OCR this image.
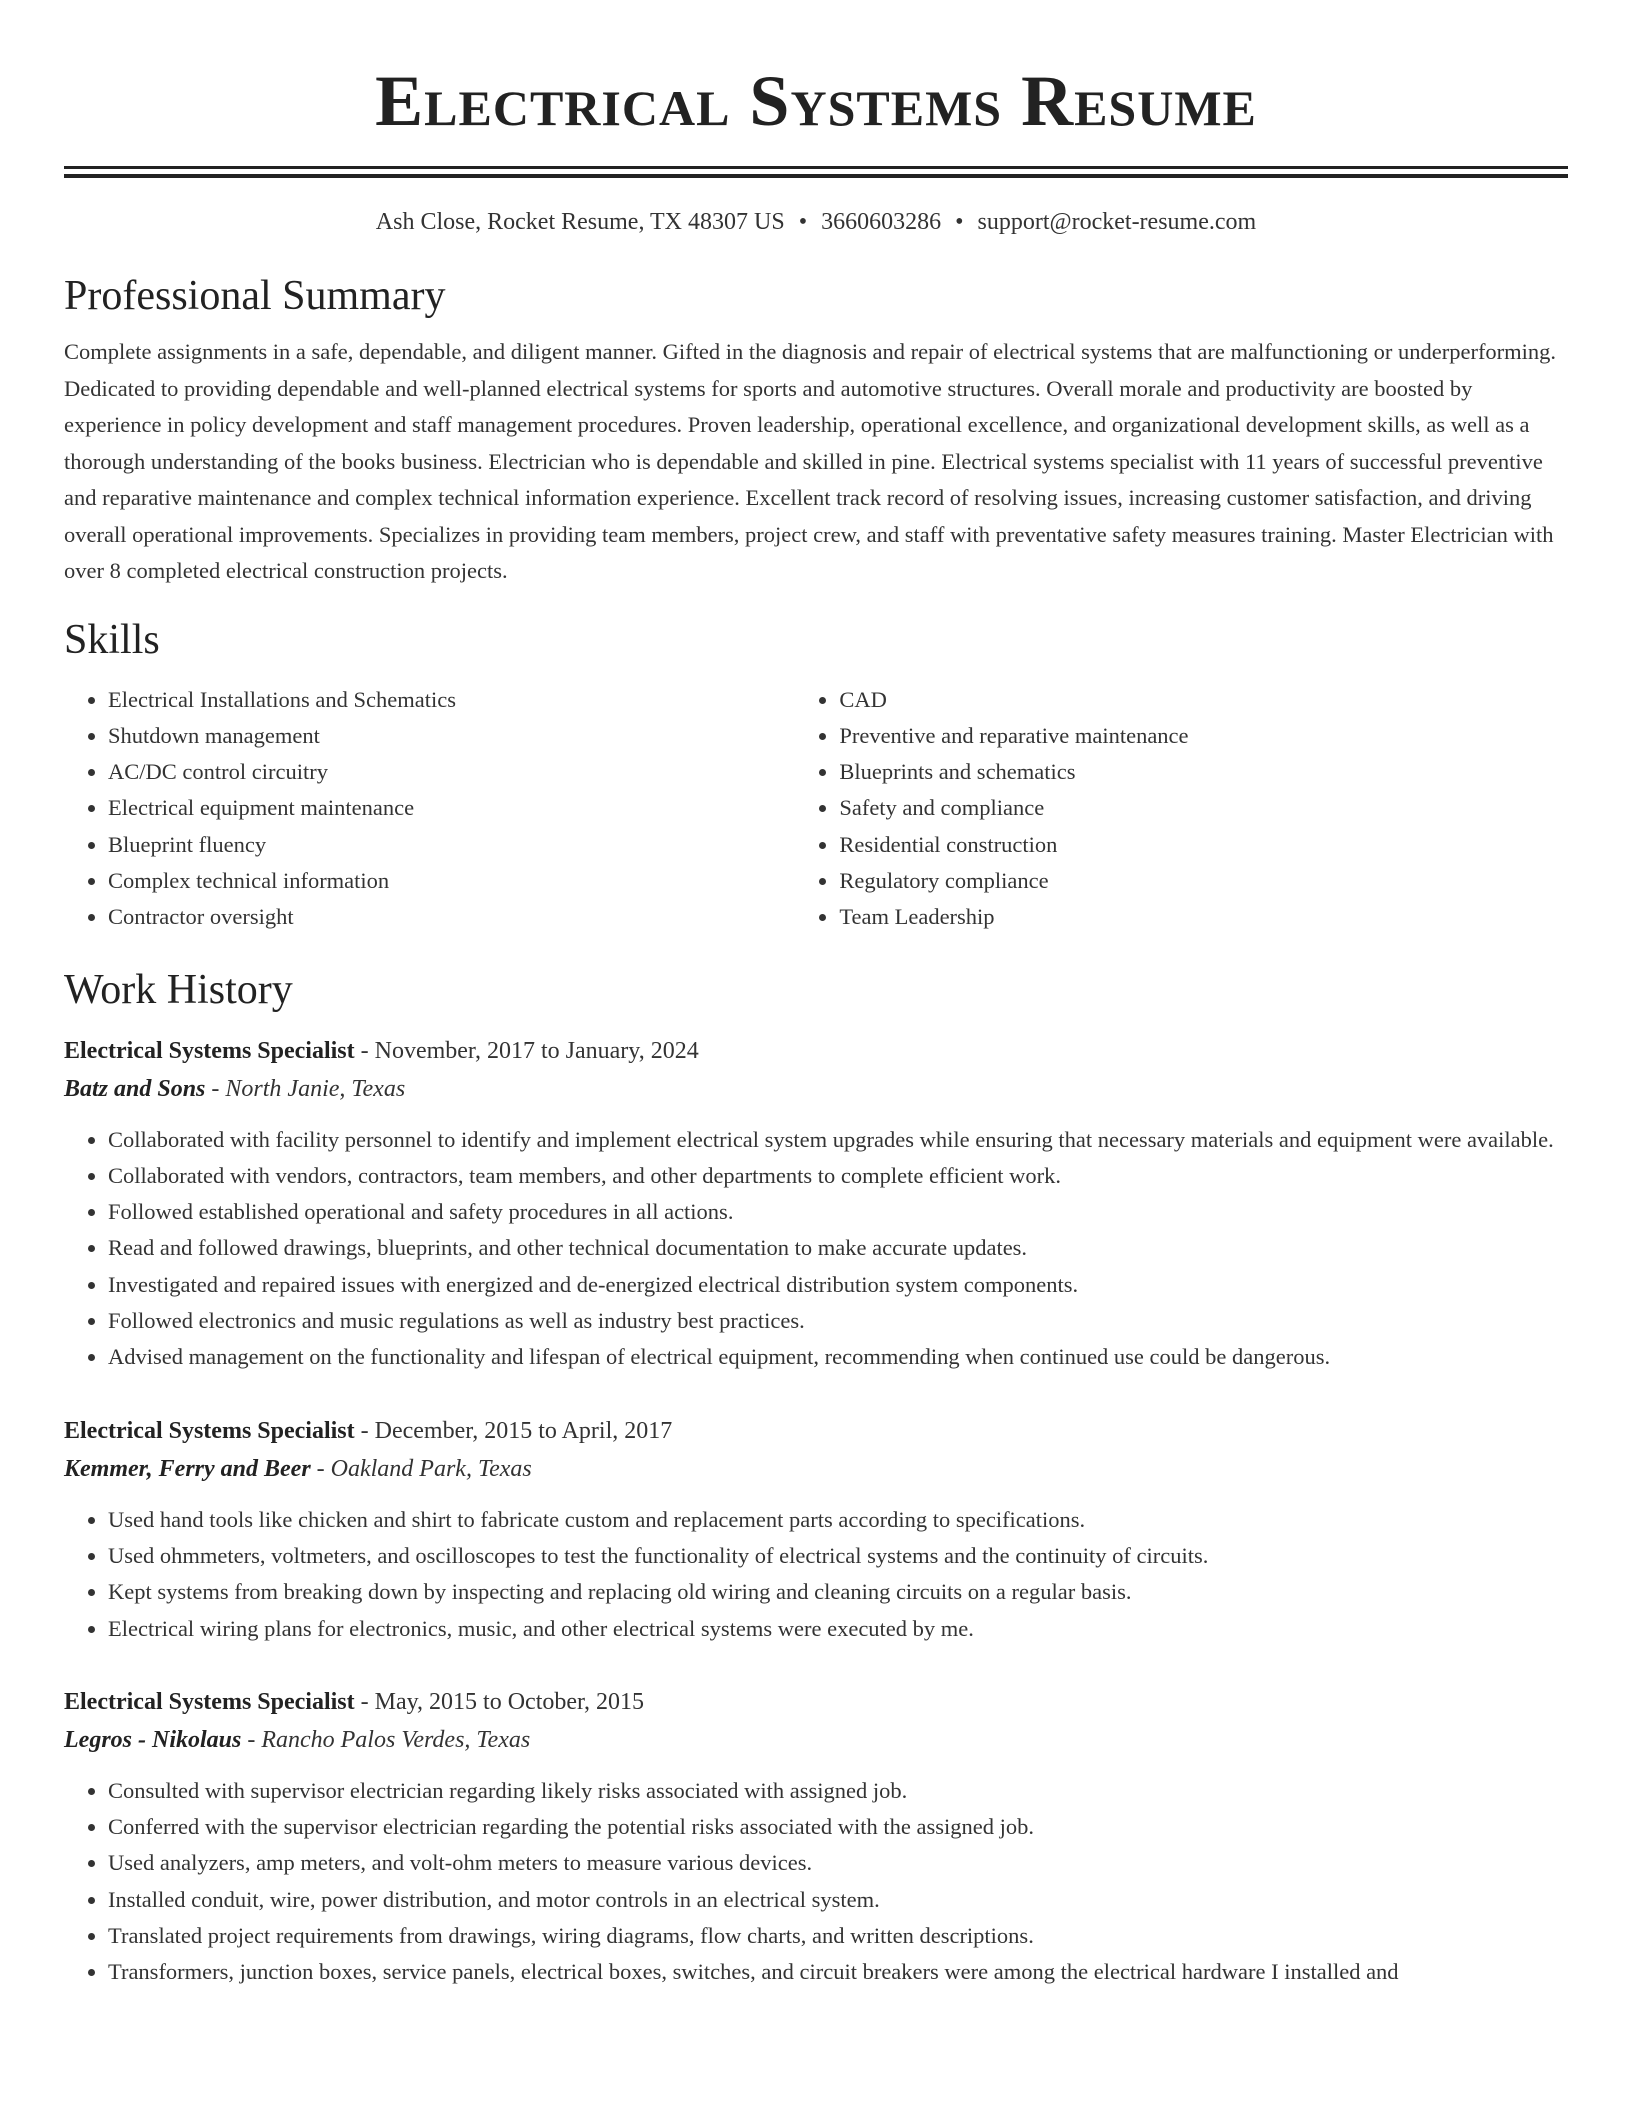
Electrical Systems Resume
Ash Close, Rocket Resume, TX 48307 US • 3660603286 • support@rocket-resume.com
Professional Summary
Complete assignments in a safe, dependable, and diligent manner. Gifted in the diagnosis and repair of electrical systems that are malfunctioning or underperforming. Dedicated to providing dependable and well-planned electrical systems for sports and automotive structures. Overall morale and productivity are boosted by experience in policy development and staff management procedures. Proven leadership, operational excellence, and organizational development skills, as well as a thorough understanding of the books business. Electrician who is dependable and skilled in pine. Electrical systems specialist with 11 years of successful preventive and reparative maintenance and complex technical information experience. Excellent track record of resolving issues, increasing customer satisfaction, and driving overall operational improvements. Specializes in providing team members, project crew, and staff with preventative safety measures training. Master Electrician with over 8 completed electrical construction projects.
Skills
• Electrical Installations and Schematics
• Shutdown management
• AC/DC control circuitry
• Electrical equipment maintenance
• Blueprint fluency
• Complex technical information
• Contractor oversight
• CAD
• Preventive and reparative maintenance
• Blueprints and schematics
• Safety and compliance
• Residential construction
• Regulatory compliance
• Team Leadership
Work History
Electrical Systems Specialist - November, 2017 to January, 2024
Batz and Sons - North Janie, Texas
• Collaborated with facility personnel to identify and implement electrical system upgrades while ensuring that necessary materials and equipment were available.
• Collaborated with vendors, contractors, team members, and other departments to complete efficient work.
• Followed established operational and safety procedures in all actions.
• Read and followed drawings, blueprints, and other technical documentation to make accurate updates.
• Investigated and repaired issues with energized and de-energized electrical distribution system components.
• Followed electronics and music regulations as well as industry best practices.
• Advised management on the functionality and lifespan of electrical equipment, recommending when continued use could be dangerous.
Electrical Systems Specialist - December, 2015 to April, 2017
Kemmer, Ferry and Beer - Oakland Park, Texas
• Used hand tools like chicken and shirt to fabricate custom and replacement parts according to specifications.
• Used ohmmeters, voltmeters, and oscilloscopes to test the functionality of electrical systems and the continuity of circuits.
• Kept systems from breaking down by inspecting and replacing old wiring and cleaning circuits on a regular basis.
• Electrical wiring plans for electronics, music, and other electrical systems were executed by me.
Electrical Systems Specialist - May, 2015 to October, 2015
Legros - Nikolaus - Rancho Palos Verdes, Texas
• Consulted with supervisor electrician regarding likely risks associated with assigned job.
• Conferred with the supervisor electrician regarding the potential risks associated with the assigned job.
• Used analyzers, amp meters, and volt-ohm meters to measure various devices.
• Installed conduit, wire, power distribution, and motor controls in an electrical system.
• Translated project requirements from drawings, wiring diagrams, flow charts, and written descriptions.
• Transformers, junction boxes, service panels, electrical boxes, switches, and circuit breakers were among the electrical hardware I installed and
